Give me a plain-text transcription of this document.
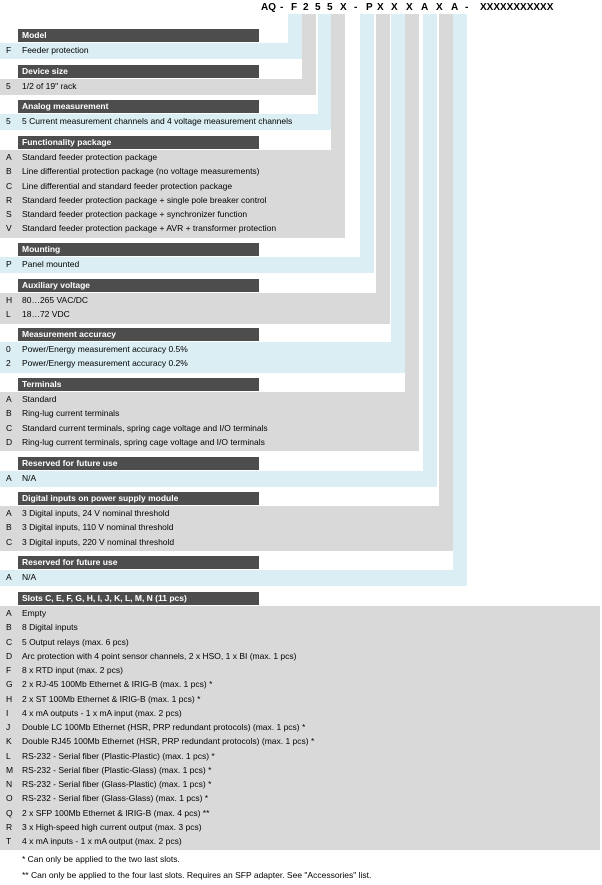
AQ - F 2 5 5 X - P X X X A X A - XXXXXXXXXXX
Model
F	Feeder protection
Device size
5	1/2 of 19" rack
Analog measurement
5	5 Current measurement channels and 4 voltage measurement channels
Functionality package
A	Standard feeder protection package
B	Line differential protection package (no voltage measurements)
C	Line differential and standard feeder protection package
R	Standard feeder protection package + single pole breaker control
S	Standard feeder protection package + synchronizer function
V	Standard feeder protection package + AVR + transformer protection
Mounting
P	Panel mounted
Auxiliary voltage
H	80…265 VAC/DC
L	18…72 VDC
Measurement accuracy
0	Power/Energy measurement accuracy 0.5%
2	Power/Energy measurement accuracy 0.2%
Terminals
A	Standard
B	Ring-lug current terminals
C	Standard current terminals, spring cage voltage and I/O terminals
D	Ring-lug current terminals, spring cage voltage and I/O terminals
Reserved for future use
A	N/A
Digital inputs on power supply module
A	3 Digital inputs, 24 V nominal threshold
B	3 Digital inputs, 110 V nominal threshold
C	3 Digital inputs, 220 V nominal threshold
Reserved for future use
A	N/A
Slots C, E, F, G, H, I, J, K, L, M, N (11 pcs)
A	Empty
B	8 Digital inputs
C	5 Output relays (max. 6 pcs)
D	Arc protection with 4 point sensor channels, 2 x HSO, 1 x BI (max. 1 pcs)
F	8 x RTD input (max. 2 pcs)
G	2 x RJ-45 100Mb Ethernet & IRIG-B (max. 1 pcs) *
H	2 x ST 100Mb Ethernet & IRIG-B (max. 1 pcs) *
I	4 x mA outputs - 1 x mA input (max. 2 pcs)
J	Double LC 100Mb Ethernet (HSR, PRP redundant protocols) (max. 1 pcs) *
K	Double RJ45 100Mb Ethernet (HSR, PRP redundant protocols) (max. 1 pcs) *
L	RS-232 - Serial fiber (Plastic-Plastic) (max. 1 pcs) *
M	RS-232 - Serial fiber (Plastic-Glass) (max. 1 pcs) *
N	RS-232 - Serial fiber (Glass-Plastic) (max. 1 pcs) *
O	RS-232 - Serial fiber (Glass-Glass) (max. 1 pcs) *
Q	2 x SFP 100Mb Ethernet & IRIG-B (max. 4 pcs) **
R	3 x High-speed high current output (max. 3 pcs)
T	4 x mA inputs - 1 x mA output (max. 2 pcs)
* Can only be applied to the two last slots.
** Can only be applied to the four last slots. Requires an SFP adapter. See "Accessories" list.
